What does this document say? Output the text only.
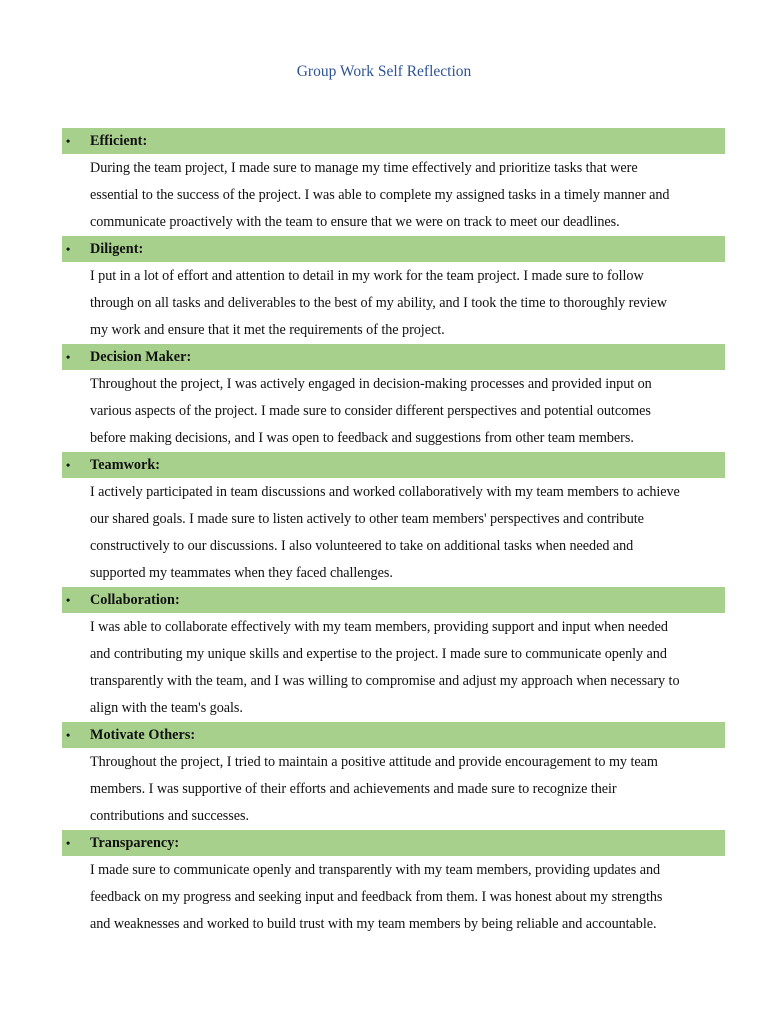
Group Work Self Reflection
• Efficient:

During the team project, I made sure to manage my time effectively and prioritize tasks that were
essential to the success of the project. I was able to complete my assigned tasks in a timely manner and
communicate proactively with the team to ensure that we were on track to meet our deadlines.

• Diligent:

I put in a lot of effort and attention to detail in my work for the team project. I made sure to follow
through on all tasks and deliverables to the best of my ability, and I took the time to thoroughly review
my work and ensure that it met the requirements of the project.

• Decision Maker:

Throughout the project, I was actively engaged in decision-making processes and provided input on
various aspects of the project. I made sure to consider different perspectives and potential outcomes
before making decisions, and I was open to feedback and suggestions from other team members.

• Teamwork:

I actively participated in team discussions and worked collaboratively with my team members to achieve
our shared goals. I made sure to listen actively to other team members' perspectives and contribute
constructively to our discussions. I also volunteered to take on additional tasks when needed and
supported my teammates when they faced challenges.

• Collaboration:

I was able to collaborate effectively with my team members, providing support and input when needed
and contributing my unique skills and expertise to the project. I made sure to communicate openly and
transparently with the team, and I was willing to compromise and adjust my approach when necessary to
align with the team's goals.

• Motivate Others:

Throughout the project, I tried to maintain a positive attitude and provide encouragement to my team
members. I was supportive of their efforts and achievements and made sure to recognize their
contributions and successes.

• Transparency:

I made sure to communicate openly and transparently with my team members, providing updates and
feedback on my progress and seeking input and feedback from them. I was honest about my strengths
and weaknesses and worked to build trust with my team members by being reliable and accountable.
